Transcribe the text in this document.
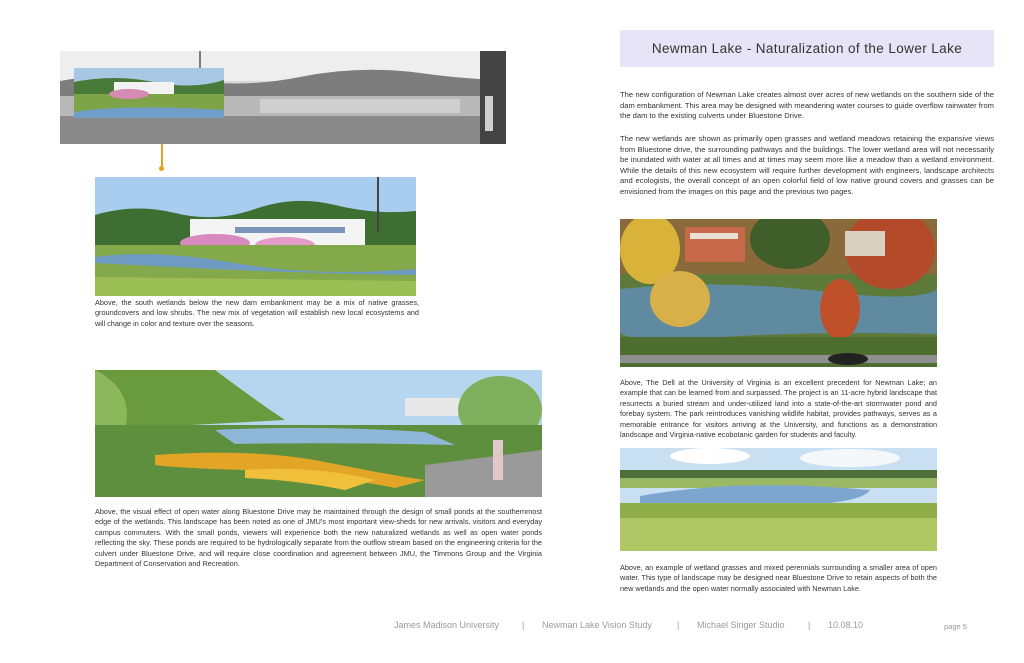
Above, the south wetlands below the new dam embankment may be a mix of native grasses, groundcovers and low shrubs. The new mix of vegetation will establish new local ecosystems and will change in color and texture over the seasons.
Above, the visual effect of open water along Bluestone Drive may be maintained through the design of small ponds at the southernmost edge of the wetlands. This landscape has been noted as one of JMU's most important view-sheds for new arrivals, visitors and everyday campus commuters. With the small ponds, viewers will experience both the new naturalized wetlands as well as open water ponds reflecting the sky. These ponds are required to be hydrologically separate from the outflow stream based on the engineering criteria for the culvert under Bluestone Drive, and will require close coordination and agreement between JMU, the Timmons Group and the Virginia Department of Conservation and Recreation.
Newman Lake - Naturalization of the Lower Lake
The new configuration of Newman Lake creates almost over acres of new wetlands on the southern side of the dam embankment. This area may be designed with meandering water courses to guide overflow rainwater from the dam to the existing culverts under Bluestone Drive.
The new wetlands are shown as primarily open grasses and wetland meadows retaining the expansive views from Bluestone drive, the surrounding pathways and the buildings. The lower wetland area will not necessarily be inundated with water at all times and at times may seem more like a meadow than a wetland environment. While the details of this new ecosystem will require further development with engineers, landscape architects and ecologists, the overall concept of an open colorful field of low native ground covers and grasses can be envisioned from the images on this page and the previous two pages.
Above, The Dell at the University of Virginia is an excellent precedent for Newman Lake; an example that can be learned from and surpassed. The project is an 11-acre hybrid landscape that resurrects a buried stream and under-utilized land into a state-of-the-art stormwater pond and forebay system. The park reintroduces vanishing wildlife habitat, provides pathways, serves as a memorable entrance for visitors arriving at the University, and functions as a demonstration landscape and Virginia-native ecobotanic garden for students and faculty.
Above, an example of wetland grasses and mixed perennials surrounding a smaller area of open water. This type of landscape may be designed near Bluestone Drive to retain aspects of both the new wetlands and the open water normally associated with Newman Lake.
James Madison University	| Newman Lake Vision Study	| Michael Singer Studio	| 10.08.10	page 5
